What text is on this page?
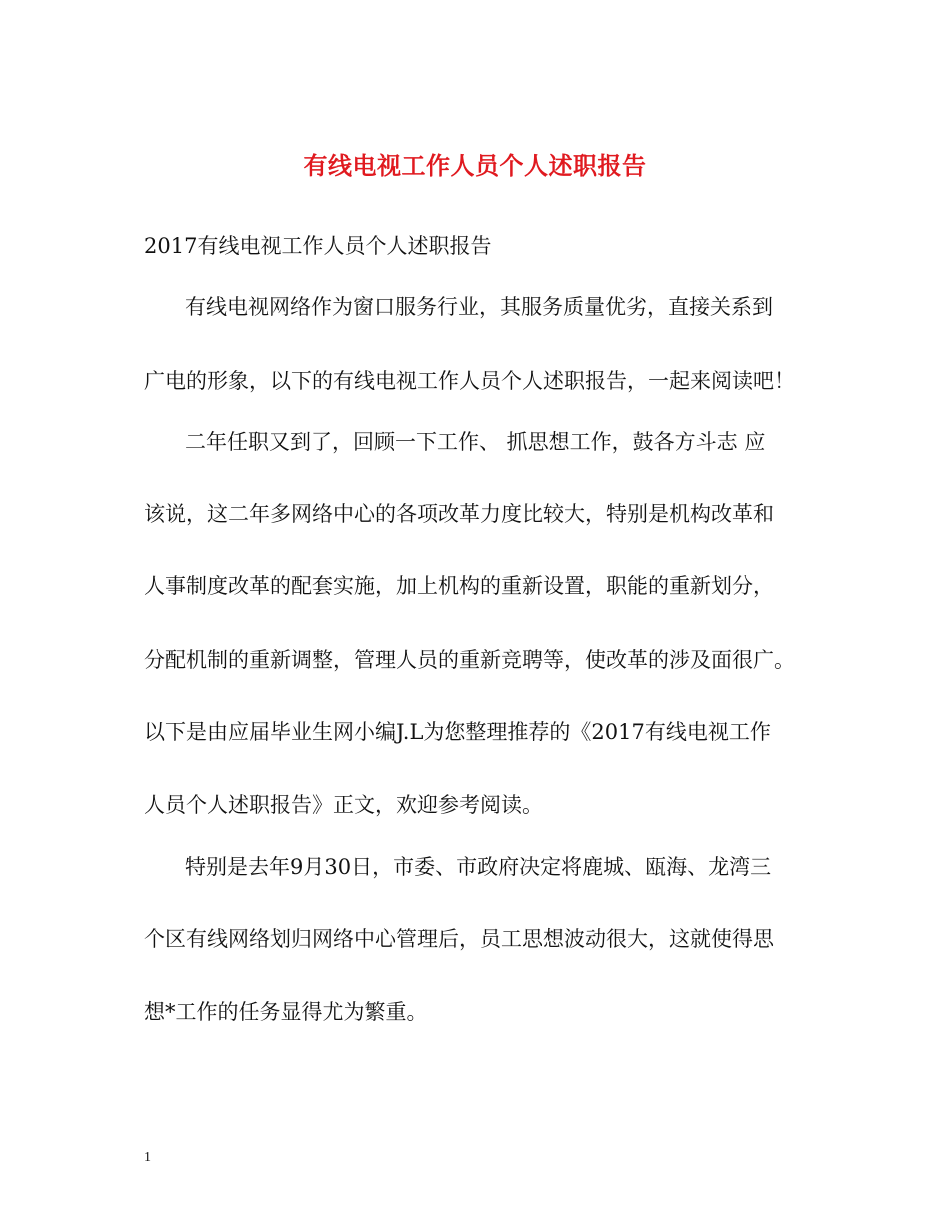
有线电视工作人员个人述职报告
2017有线电视工作人员个人述职报告
有线电视网络作为窗口服务行业，其服务质量优劣，直接关系到
广电的形象，以下的有线电视工作人员个人述职报告，一起来阅读吧！
二年任职又到了，回顾一下工作、 抓思想工作，鼓各方斗志 应
该说，这二年多网络中心的各项改革力度比较大，特别是机构改革和
人事制度改革的配套实施，加上机构的重新设置，职能的重新划分，
分配机制的重新调整，管理人员的重新竞聘等，使改革的涉及面很广。
以下是由应届毕业生网小编J.L为您整理推荐的《2017有线电视工作
人员个人述职报告》正文，欢迎参考阅读。
特别是去年9月30日，市委、市政府决定将鹿城、瓯海、龙湾三
个区有线网络划归网络中心管理后，员工思想波动很大，这就使得思
想*工作的任务显得尤为繁重。
1
